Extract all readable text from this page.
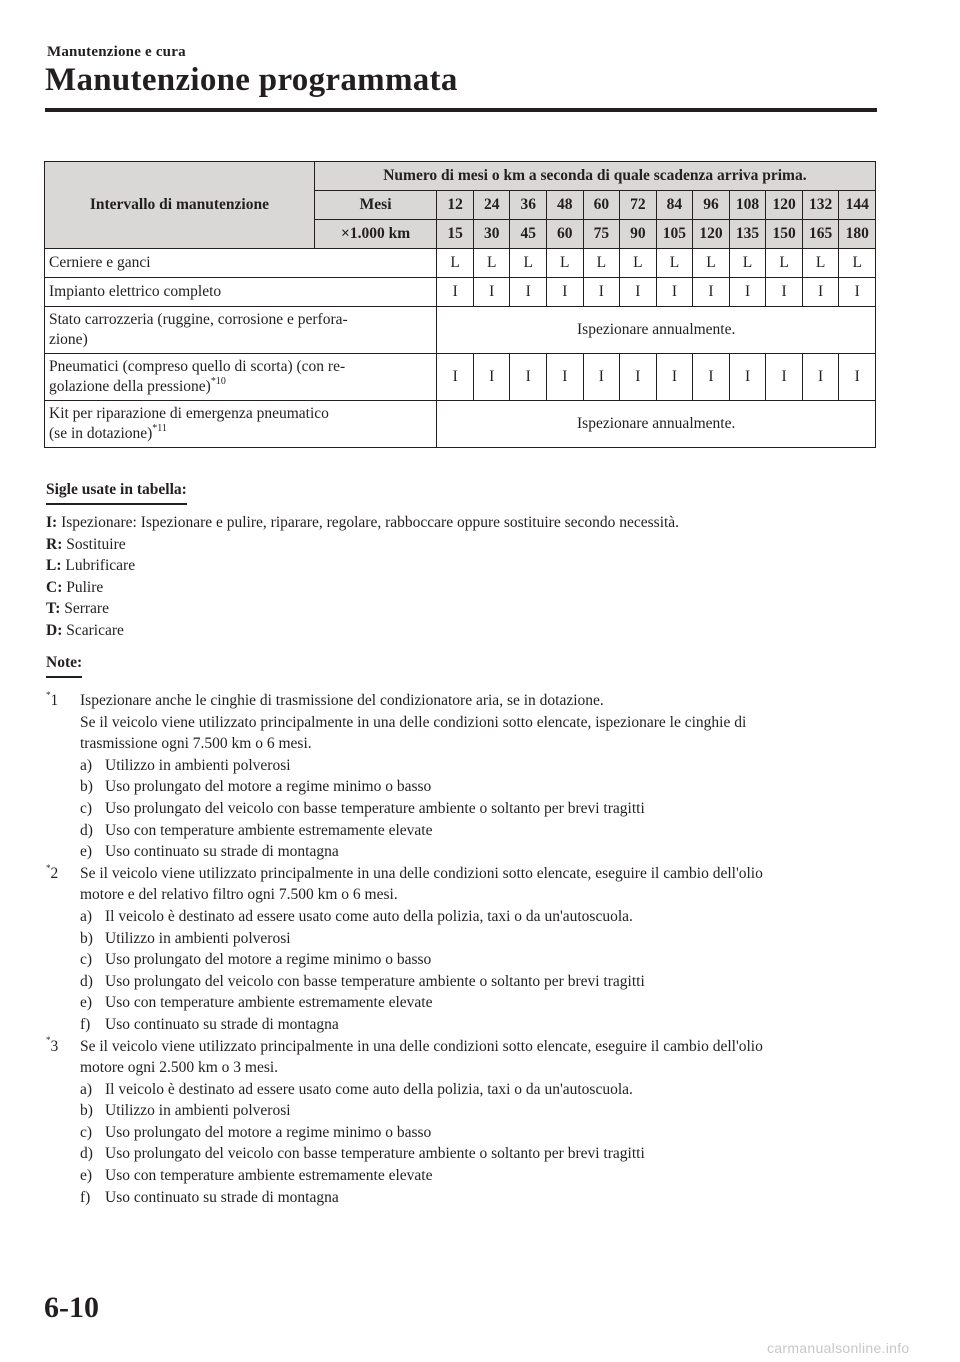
Manutenzione e cura
Manutenzione programmata
Intervallo di manutenzione	Numero di mesi o km a seconda di quale scadenza arriva prima.												
	Mesi	12	24	36	48	60	72	84	96	108	120	132	144
	×1.000 km	15	30	45	60	75	90	105	120	135	150	165	180
Cerniere e ganci		L	L	L	L	L	L	L	L	L	L	L	L
Impianto elettrico completo		I	I	I	I	I	I	I	I	I	I	I	I
Stato carrozzeria (ruggine, corrosione e perfora-
zione)		Ispezionare annualmente.											
Pneumatici (compreso quello di scorta) (con re-
golazione della pressione)$^{*10}$		I	I	I	I	I	I	I	I	I	I	I	I
Kit per riparazione di emergenza pneumatico
(se in dotazione)$^{*11}$		Ispezionare annualmente.											
Sigle usate in tabella:
I: Ispezionare: Ispezionare e pulire, riparare, regolare, rabboccare oppure sostituire secondo necessità.
R: Sostituire
L: Lubrificare
C: Pulire
T: Serrare
D: Scaricare
Note:
*1 Ispezionare anche le cinghie di trasmissione del condizionatore aria, se in dotazione.
Se il veicolo viene utilizzato principalmente in una delle condizioni sotto elencate, ispezionare le cinghie di
trasmissione ogni 7.500 km o 6 mesi.
a) Utilizzo in ambienti polverosi
b) Uso prolungato del motore a regime minimo o basso
c) Uso prolungato del veicolo con basse temperature ambiente o soltanto per brevi tragitti
d) Uso con temperature ambiente estremamente elevate
e) Uso continuato su strade di montagna
*2 Se il veicolo viene utilizzato principalmente in una delle condizioni sotto elencate, eseguire il cambio dell'olio
motore e del relativo filtro ogni 7.500 km o 6 mesi.
a) Il veicolo è destinato ad essere usato come auto della polizia, taxi o da un'autoscuola.
b) Utilizzo in ambienti polverosi
c) Uso prolungato del motore a regime minimo o basso
d) Uso prolungato del veicolo con basse temperature ambiente o soltanto per brevi tragitti
e) Uso con temperature ambiente estremamente elevate
f) Uso continuato su strade di montagna
*3 Se il veicolo viene utilizzato principalmente in una delle condizioni sotto elencate, eseguire il cambio dell'olio
motore ogni 2.500 km o 3 mesi.
a) Il veicolo è destinato ad essere usato come auto della polizia, taxi o da un'autoscuola.
b) Utilizzo in ambienti polverosi
c) Uso prolungato del motore a regime minimo o basso
d) Uso prolungato del veicolo con basse temperature ambiente o soltanto per brevi tragitti
e) Uso con temperature ambiente estremamente elevate
f) Uso continuato su strade di montagna
6-10
carmanualsonline.info
